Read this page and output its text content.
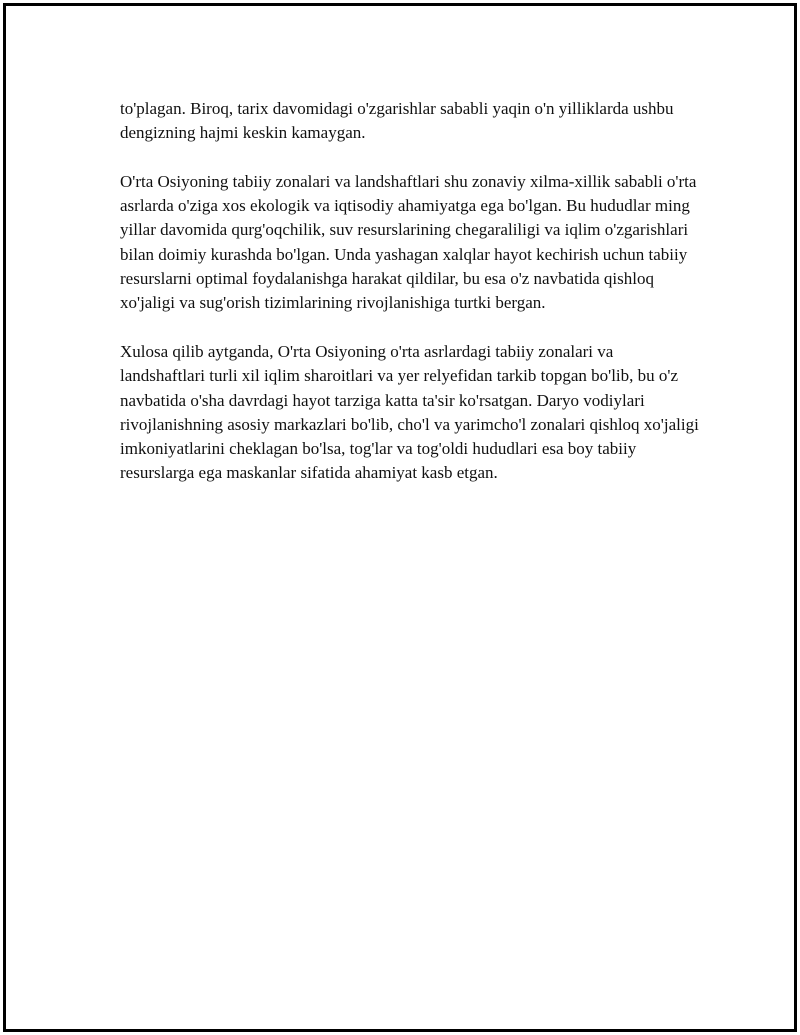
to'plagan. Biroq, tarix davomidagi o'zgarishlar sababli yaqin o'n yilliklarda ushbu dengizning hajmi keskin kamaygan.

O'rta Osiyoning tabiiy zonalari va landshaftlari shu zonaviy xilma-xillik sababli o'rta asrlarda o'ziga xos ekologik va iqtisodiy ahamiyatga ega bo'lgan. Bu hududlar ming yillar davomida qurg'oqchilik, suv resurslarining chegaraliligi va iqlim o'zgarishlari bilan doimiy kurashda bo'lgan. Unda yashagan xalqlar hayot kechirish uchun tabiiy resurslarni optimal foydalanishga harakat qildilar, bu esa o'z navbatida qishloq xo'jaligi va sug'orish tizimlarining rivojlanishiga turtki bergan.

Xulosa qilib aytganda, O'rta Osiyoning o'rta asrlardagi tabiiy zonalari va landshaftlari turli xil iqlim sharoitlari va yer relyefidan tarkib topgan bo'lib, bu o'z navbatida o'sha davrdagi hayot tarziga katta ta'sir ko'rsatgan. Daryo vodiylari rivojlanishning asosiy markazlari bo'lib, cho'l va yarimcho'l zonalari qishloq xo'jaligi imkoniyatlarini cheklagan bo'lsa, tog'lar va tog'oldi hududlari esa boy tabiiy resurslarga ega maskanlar sifatida ahamiyat kasb etgan.
